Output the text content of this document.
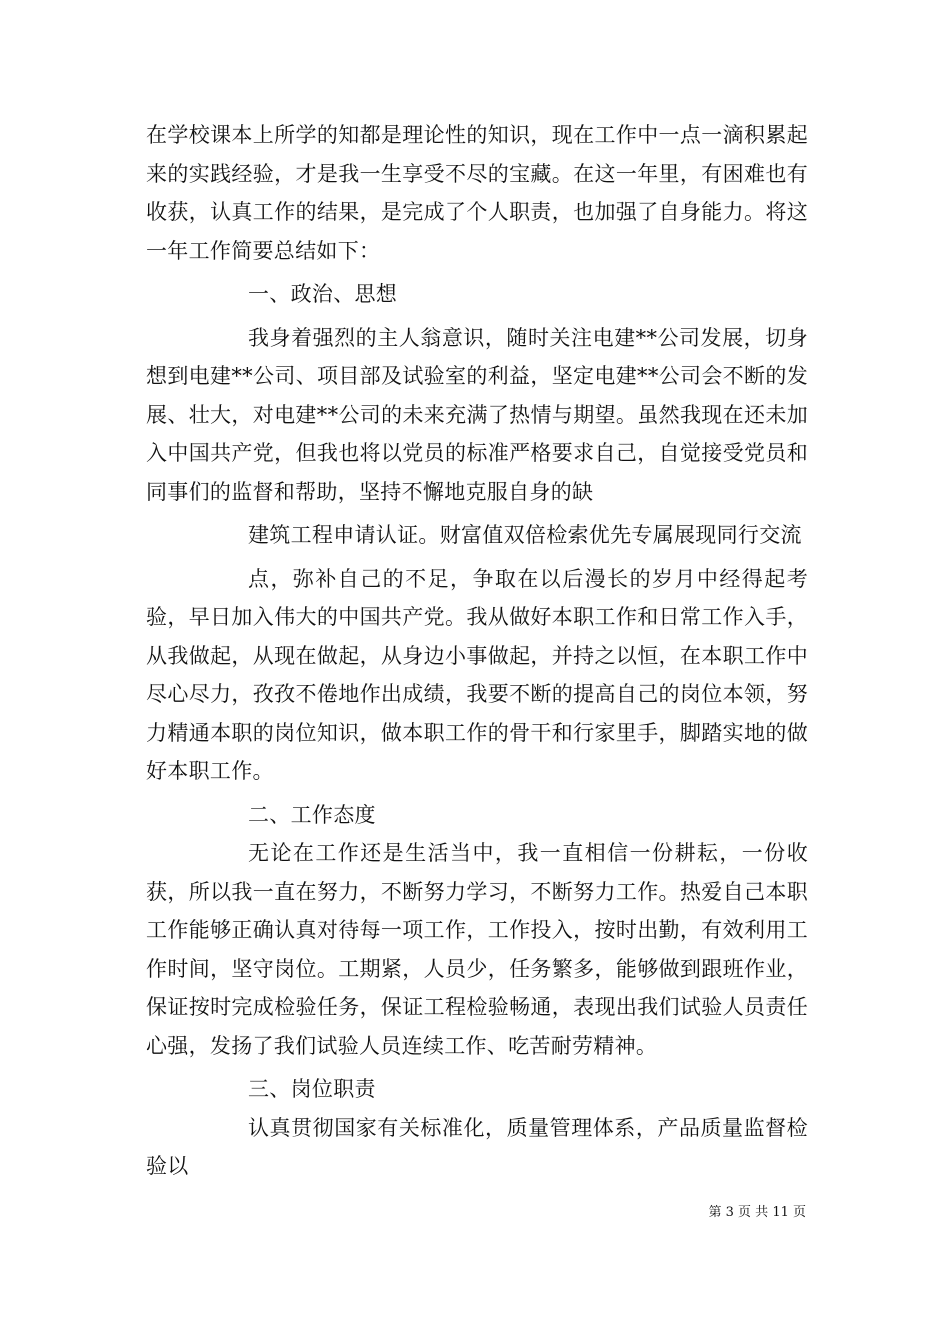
在学校课本上所学的知都是理论性的知识，现在工作中一点一滴积累起来的实践经验，才是我一生享受不尽的宝藏。在这一年里，有困难也有收获，认真工作的结果，是完成了个人职责，也加强了自身能力。将这一年工作简要总结如下：

一、政治、思想

我身着强烈的主人翁意识，随时关注电建**公司发展，切身想到电建**公司、项目部及试验室的利益，坚定电建**公司会不断的发展、壮大，对电建**公司的未来充满了热情与期望。虽然我现在还未加入中国共产党，但我也将以党员的标准严格要求自己，自觉接受党员和同事们的监督和帮助，坚持不懈地克服自身的缺

建筑工程申请认证。财富值双倍检索优先专属展现同行交流

点，弥补自己的不足，争取在以后漫长的岁月中经得起考验，早日加入伟大的中国共产党。我从做好本职工作和日常工作入手，从我做起，从现在做起，从身边小事做起，并持之以恒，在本职工作中尽心尽力，孜孜不倦地作出成绩，我要不断的提高自己的岗位本领，努力精通本职的岗位知识，做本职工作的骨干和行家里手，脚踏实地的做好本职工作。

二、工作态度

无论在工作还是生活当中，我一直相信一份耕耘，一份收获，所以我一直在努力，不断努力学习，不断努力工作。热爱自己本职工作能够正确认真对待每一项工作，工作投入，按时出勤，有效利用工作时间，坚守岗位。工期紧，人员少，任务繁多，能够做到跟班作业，保证按时完成检验任务，保证工程检验畅通，表现出我们试验人员责任心强，发扬了我们试验人员连续工作、吃苦耐劳精神。

三、岗位职责

认真贯彻国家有关标准化，质量管理体系，产品质量监督检验以

第 3 页 共 11 页
